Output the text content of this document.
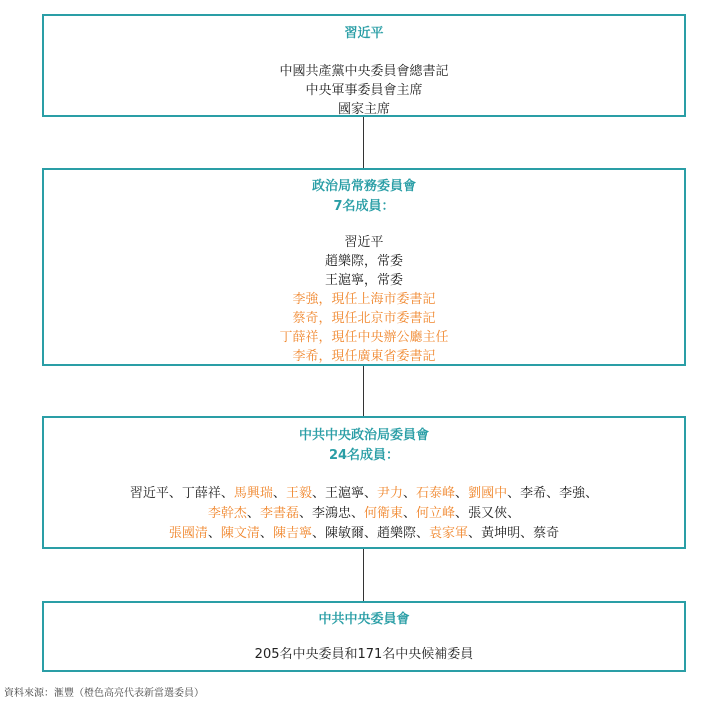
習近平
中國共產黨中央委員會總書記
中央軍事委員會主席
國家主席
政治局常務委員會
7名成員：
習近平
趙樂際，常委
王滬寧，常委
李強，現任上海市委書記
蔡奇，現任北京市委書記
丁薛祥，現任中央辦公廳主任
李希，現任廣東省委書記
中共中央政治局委員會
24名成員：
習近平、丁薛祥、馬興瑞、王毅、王滬寧、尹力、石泰峰、劉國中、李希、李強、
李幹杰、李書磊、李鴻忠、何衛東、何立峰、張又俠、
張國清、陳文清、陳吉寧、陳敏爾、趙樂際、袁家軍、黃坤明、蔡奇
中共中央委員會
205名中央委員和171名中央候補委員
資料來源：滙豐（橙色高亮代表新當選委員）
